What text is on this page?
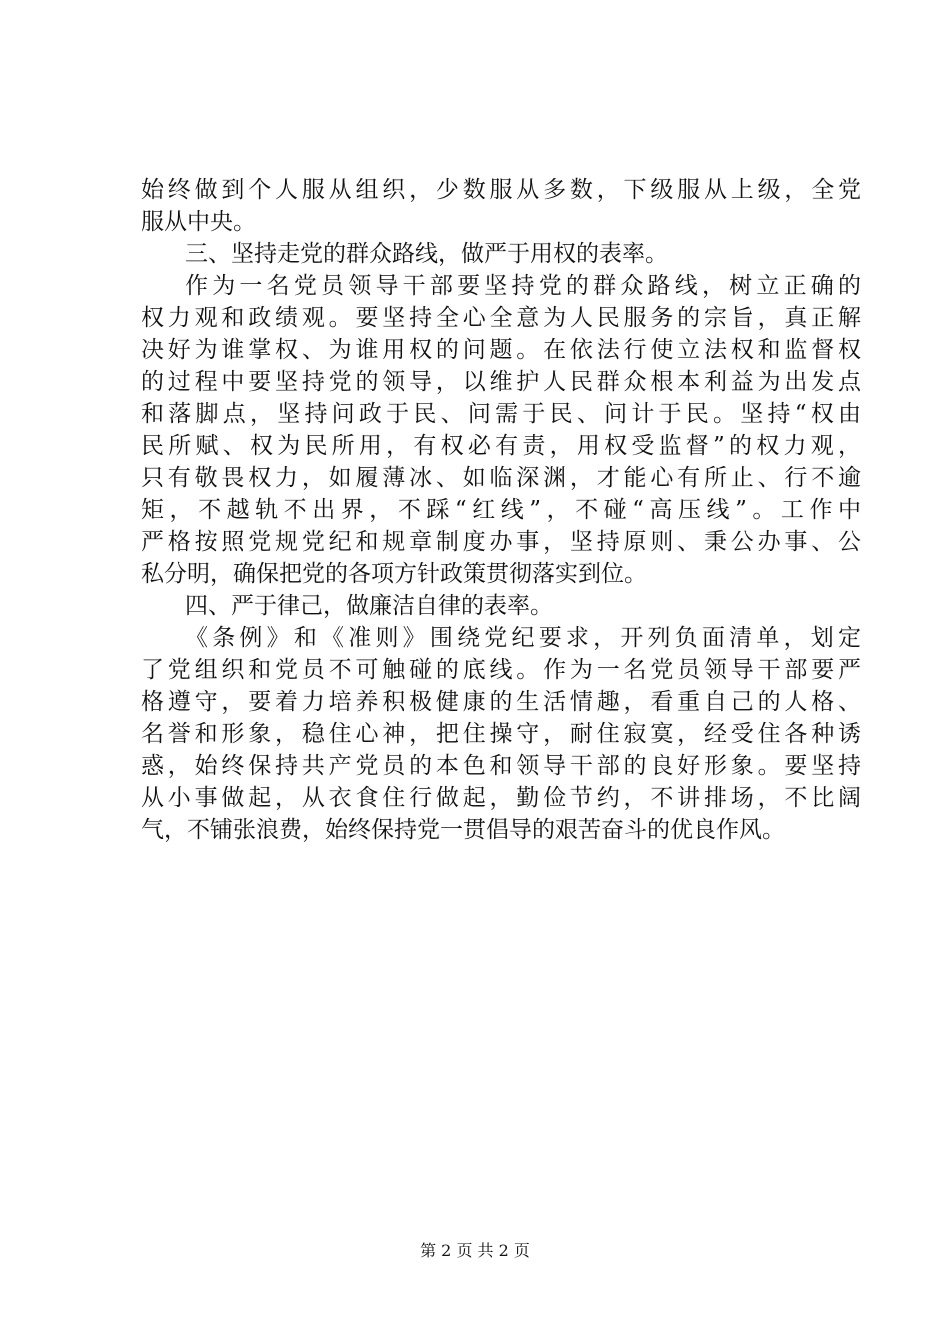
始终做到个人服从组织，少数服从多数，下级服从上级，全党
服从中央。
三、坚持走党的群众路线，做严于用权的表率。
作为一名党员领导干部要坚持党的群众路线，树立正确的
权力观和政绩观。要坚持全心全意为人民服务的宗旨，真正解
决好为谁掌权、为谁用权的问题。在依法行使立法权和监督权
的过程中要坚持党的领导，以维护人民群众根本利益为出发点
和落脚点，坚持问政于民、问需于民、问计于民。坚持“权由
民所赋、权为民所用，有权必有责，用权受监督”的权力观，
只有敬畏权力，如履薄冰、如临深渊，才能心有所止、行不逾
矩，不越轨不出界，不踩“红线”，不碰“高压线”。工作中
严格按照党规党纪和规章制度办事，坚持原则、秉公办事、公
私分明，确保把党的各项方针政策贯彻落实到位。
四、严于律己，做廉洁自律的表率。
《条例》和《准则》围绕党纪要求，开列负面清单，划定
了党组织和党员不可触碰的底线。作为一名党员领导干部要严
格遵守，要着力培养积极健康的生活情趣，看重自己的人格、
名誉和形象，稳住心神，把住操守，耐住寂寞，经受住各种诱
惑，始终保持共产党员的本色和领导干部的良好形象。要坚持
从小事做起，从衣食住行做起，勤俭节约，不讲排场，不比阔
气，不铺张浪费，始终保持党一贯倡导的艰苦奋斗的优良作风。
第 2 页 共 2 页
